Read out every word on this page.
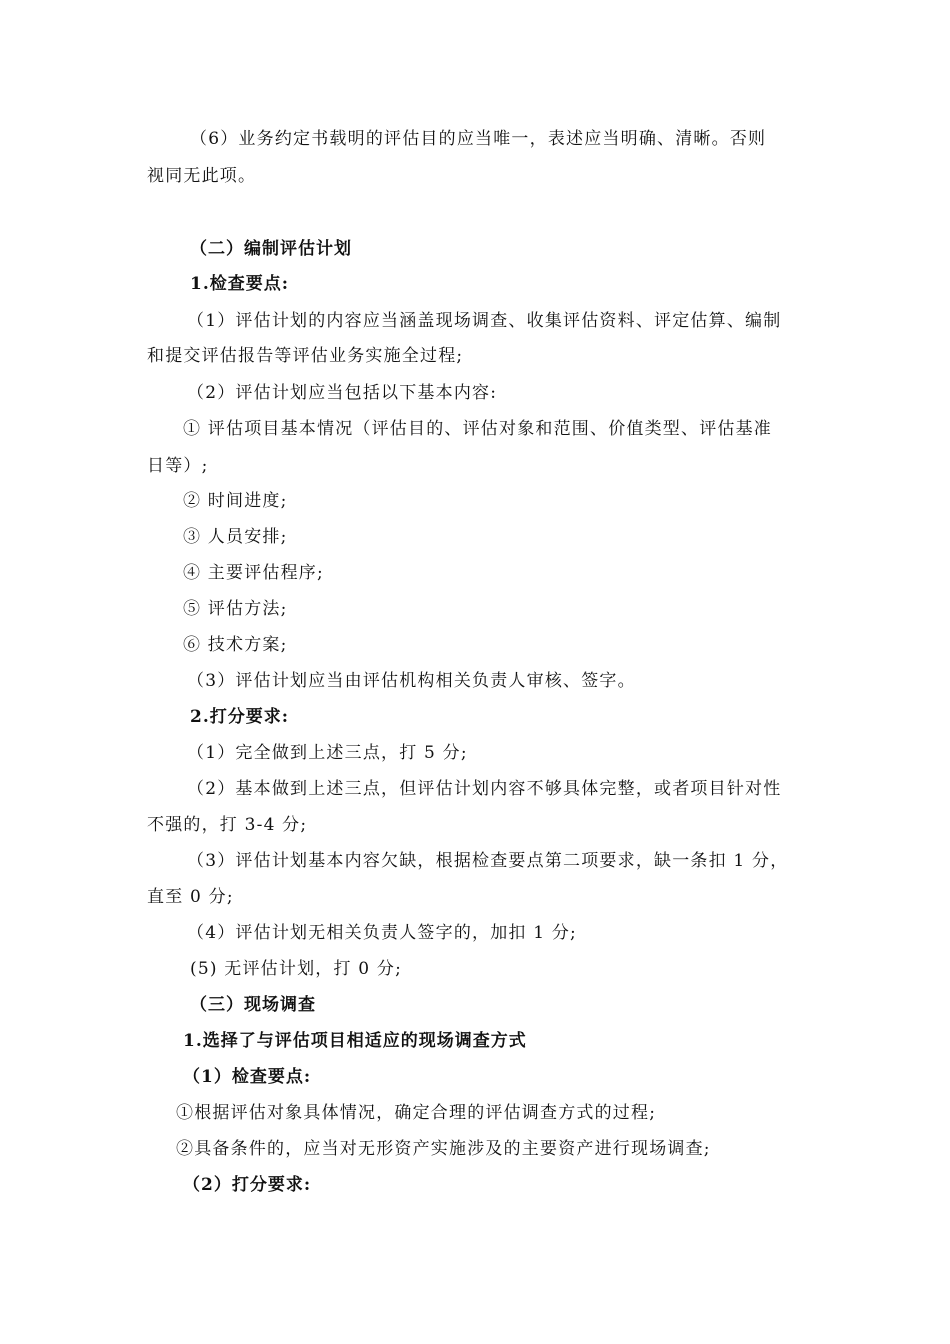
（6）业务约定书载明的评估目的应当唯一，表述应当明确、清晰。否则
视同无此项。
（二）编制评估计划
1.检查要点:
（1）评估计划的内容应当涵盖现场调查、收集评估资料、评定估算、编制
和提交评估报告等评估业务实施全过程;
（2）评估计划应当包括以下基本内容:
① 评估项目基本情况（评估目的、评估对象和范围、价值类型、评估基准
日等）;
② 时间进度;
③ 人员安排;
④ 主要评估程序;
⑤ 评估方法;
⑥ 技术方案;
（3）评估计划应当由评估机构相关负责人审核、签字。
2.打分要求:
（1）完全做到上述三点，打 5 分;
（2）基本做到上述三点，但评估计划内容不够具体完整，或者项目针对性
不强的，打 3-4 分;
（3）评估计划基本内容欠缺，根据检查要点第二项要求，缺一条扣 1 分，
直至 0 分;
（4）评估计划无相关负责人签字的，加扣 1 分;
(5) 无评估计划，打 0 分;
（三）现场调查
1.选择了与评估项目相适应的现场调查方式
（1）检查要点:
①根据评估对象具体情况，确定合理的评估调查方式的过程;
②具备条件的，应当对无形资产实施涉及的主要资产进行现场调查;
（2）打分要求:
